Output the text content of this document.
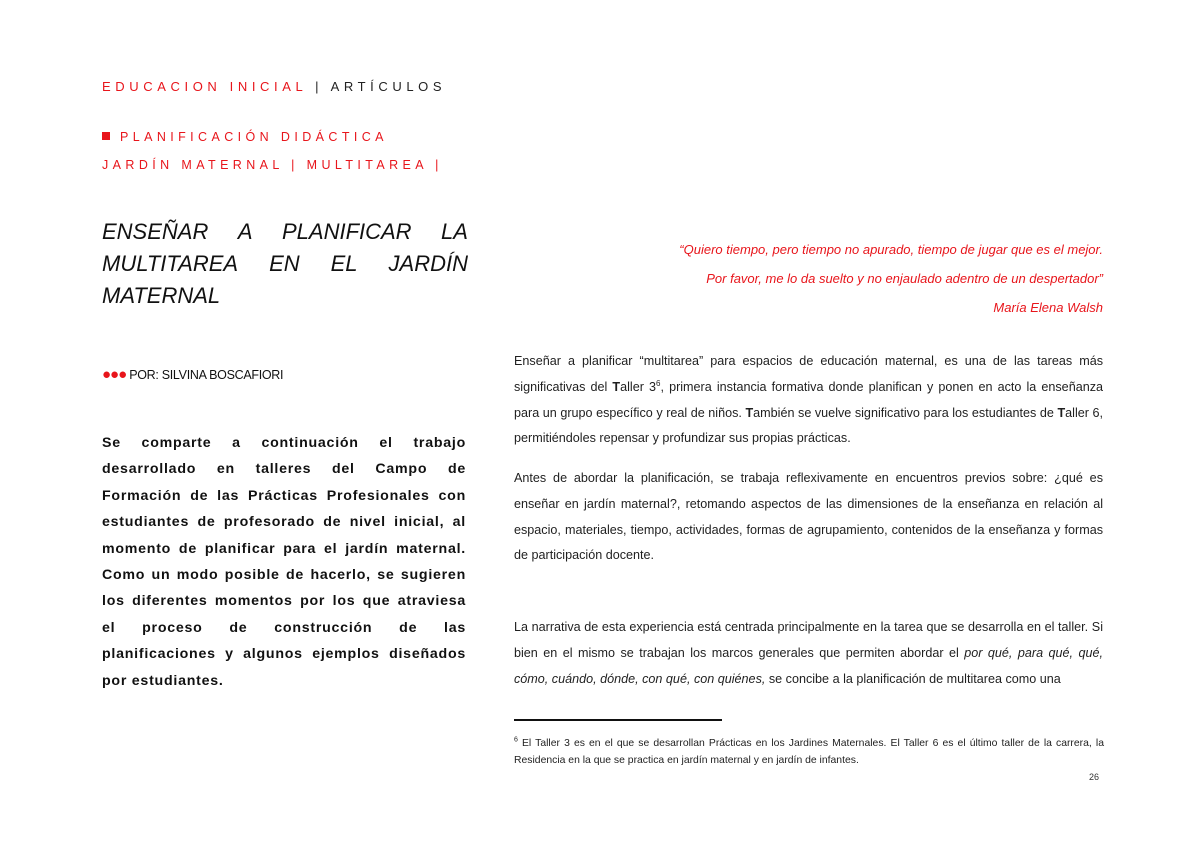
EDUCACION INICIAL | ARTÍCULOS
PLANIFICACIÓN DIDÁCTICA
JARDÍN MATERNAL | MULTITAREA |
ENSEÑAR A PLANIFICAR LA
MULTITAREA EN EL JARDÍN
MATERNAL
●●● POR: SILVINA BOSCAFIORI
Se comparte a continuación el trabajo desarrollado en talleres del Campo de Formación de las Prácticas Profesionales con estudiantes de profesorado de nivel inicial, al momento de planificar para el jardín maternal. Como un modo posible de hacerlo, se sugieren los diferentes momentos por los que atraviesa el proceso de construcción de las planificaciones y algunos ejemplos diseñados por estudiantes.
“Quiero tiempo, pero tiempo no apurado, tiempo de jugar que es el mejor.
Por favor, me lo da suelto y no enjaulado adentro de un despertador”
María Elena Walsh

Enseñar a planificar “multitarea” para espacios de educación maternal, es una de las tareas más significativas del Taller $3^6$, primera instancia formativa donde planifican y ponen en acto la enseñanza para un grupo específico y real de niños. También se vuelve significativo para los estudiantes de Taller 6, permitiéndoles repensar y profundizar sus propias prácticas.

Antes de abordar la planificación, se trabaja reflexivamente en encuentros previos sobre: ¿qué es enseñar en jardín maternal?, retomando aspectos de las dimensiones de la enseñanza en relación al espacio, materiales, tiempo, actividades, formas de agrupamiento, contenidos de la enseñanza y formas de participación docente.

La narrativa de esta experiencia está centrada principalmente en la tarea que se desarrolla en el taller. Si bien en el mismo se trabajan los marcos generales que permiten abordar el por qué, para qué, qué, cómo, cuándo, dónde, con qué, con quiénes, se concibe a la planificación de multitarea como una

$^6$ El Taller 3 es en el que se desarrollan Prácticas en los Jardines Maternales. El Taller 6 es el último taller de la carrera, la Residencia en la que se practica en jardín maternal y en jardín de infantes.
26
